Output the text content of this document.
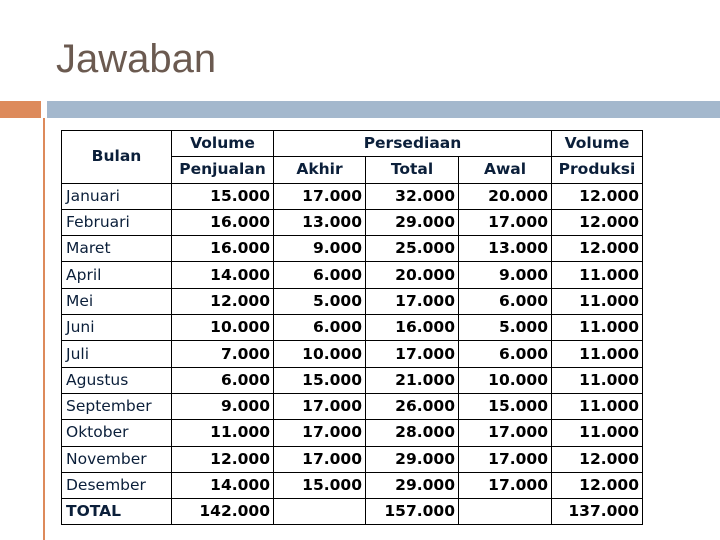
Jawaban
Bulan	Volume	Persediaan			Volume
	Penjualan	Akhir	Total	Awal	Produksi
Januari	15.000	17.000	32.000	20.000	12.000
Februari	16.000	13.000	29.000	17.000	12.000
Maret	16.000	9.000	25.000	13.000	12.000
April	14.000	6.000	20.000	9.000	11.000
Mei	12.000	5.000	17.000	6.000	11.000
Juni	10.000	6.000	16.000	5.000	11.000
Juli	7.000	10.000	17.000	6.000	11.000
Agustus	6.000	15.000	21.000	10.000	11.000
September	9.000	17.000	26.000	15.000	11.000
Oktober	11.000	17.000	28.000	17.000	11.000
November	12.000	17.000	29.000	17.000	12.000
Desember	14.000	15.000	29.000	17.000	12.000
TOTAL	142.000		157.000		137.000
